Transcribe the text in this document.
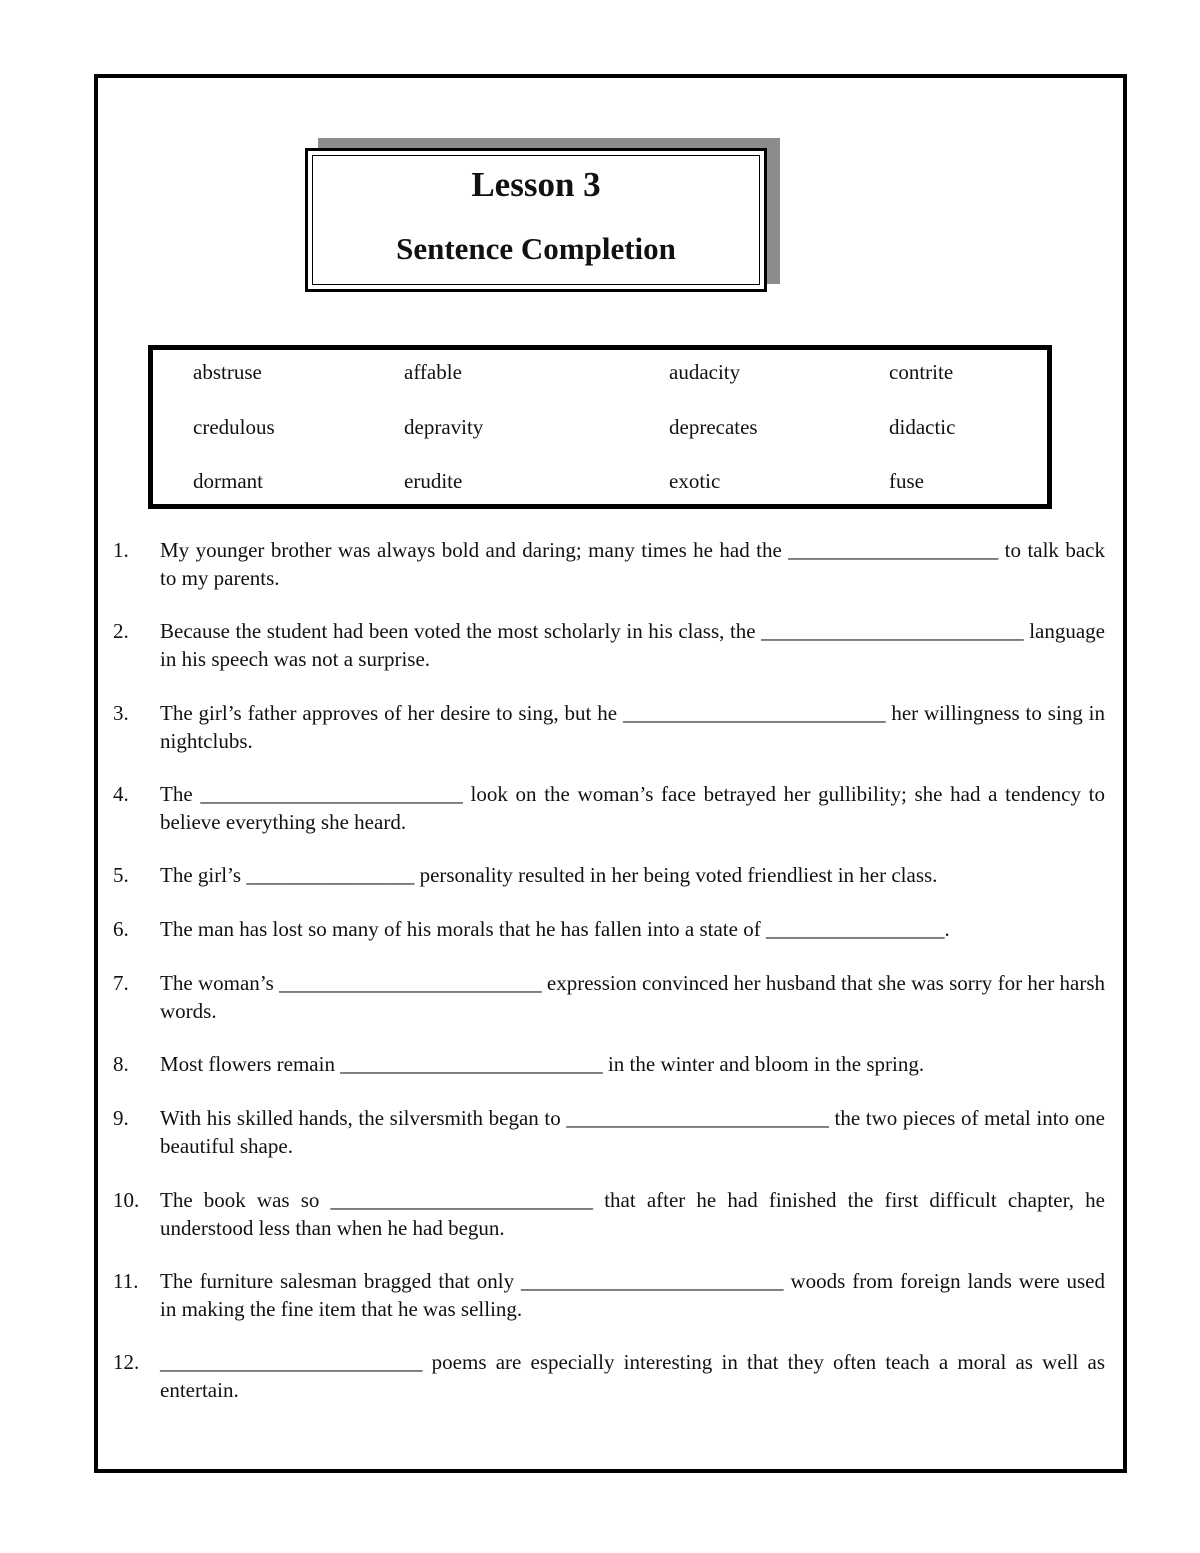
Lesson 3
Sentence Completion
abstruse	affable	audacity	contrite
credulous	depravity	deprecates	didactic
dormant	erudite	exotic	fuse
1.	My younger brother was always bold and daring; many times he had the ____________________ to talk back to my parents.
2.	Because the student had been voted the most scholarly in his class, the _________________________ language in his speech was not a surprise.
3.	The girl’s father approves of her desire to sing, but he _________________________ her willingness to sing in nightclubs.
4.	The _________________________ look on the woman’s face betrayed her gullibility; she had a tendency to believe everything she heard.
5.	The girl’s ________________ personality resulted in her being voted friendliest in her class.
6.	The man has lost so many of his morals that he has fallen into a state of _________________.
7.	The woman’s _________________________ expression convinced her husband that she was sorry for her harsh words.
8.	Most flowers remain _________________________ in the winter and bloom in the spring.
9.	With his skilled hands, the silversmith began to _________________________ the two pieces of metal into one beautiful shape.
10. The book was so _________________________ that after he had finished the first difficult chapter, he understood less than when he had begun.
11.	The furniture salesman bragged that only _________________________ woods from foreign lands were used in making the fine item that he was selling.
12. _________________________ poems are especially interesting in that they often teach a moral as well as entertain.
